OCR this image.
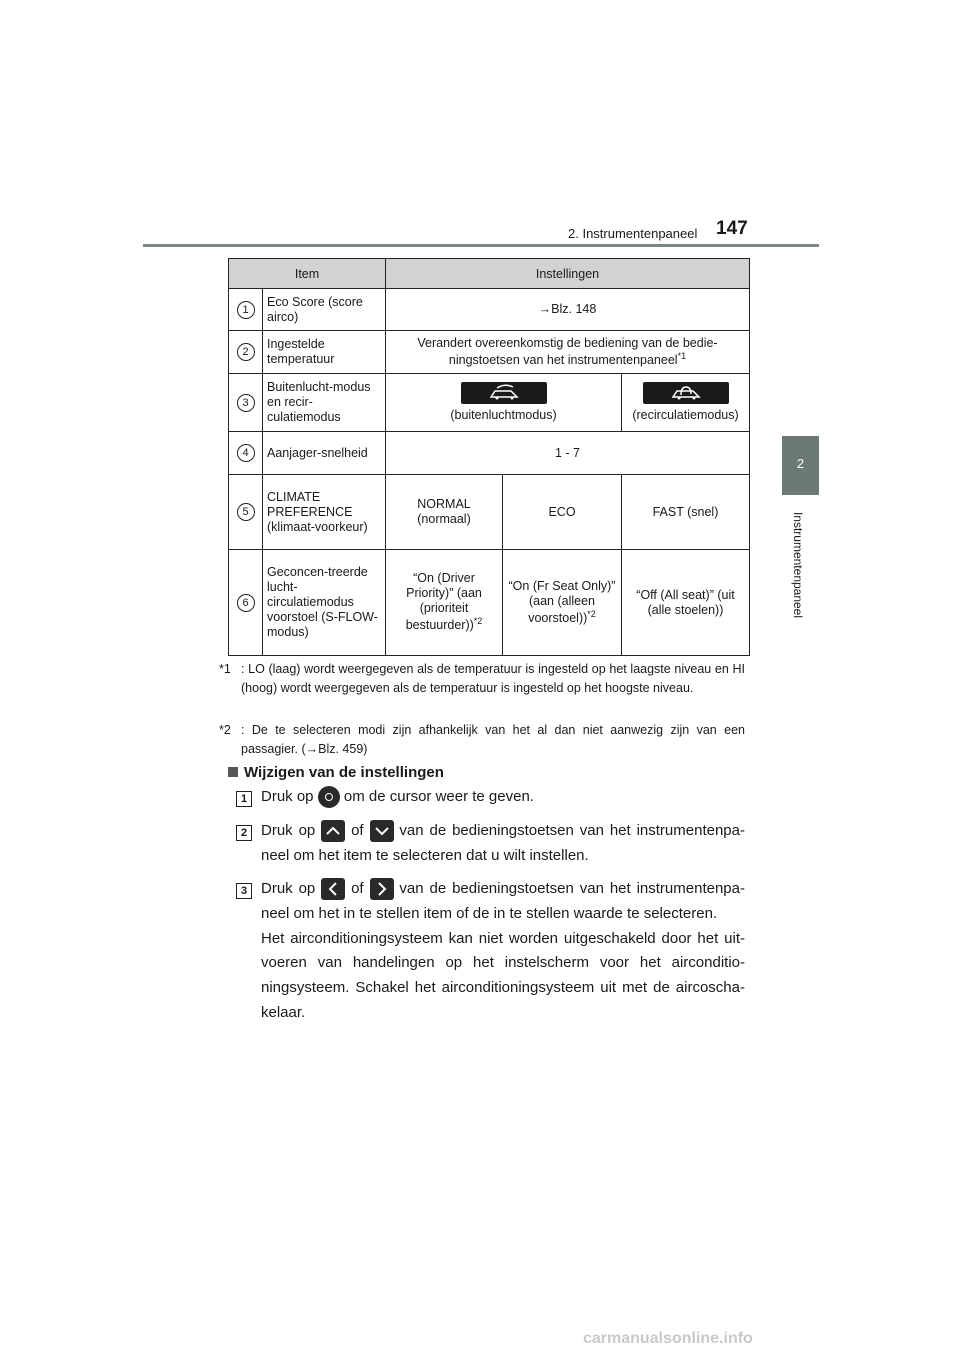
2. Instrumentenpaneel 147
2
Instrumentenpaneel
Item		Instellingen		
1	Eco Score (score airco)	→Blz. 148		
2	Ingestelde temperatuur	Verandert overeenkomstig de bediening van de bedie-ningstoetsen van het instrumentenpaneel$^{*1}$
3	Buitenlucht-modus en recir-culatiemodus	(buitenluchtmodus)		(recirculatiemodus)
4	Aanjager-snelheid	1 - 7		
5	CLIMATE PREFERENCE (klimaat-voorkeur)	NORMAL (normaal)	ECO	FAST (snel)
6	Geconcen-treerde lucht-circulatiemodus voorstoel (S-FLOW-modus)	“On (Driver Priority)” (aan (prioriteit bestuurder))$^{*2}$	“On (Fr Seat Only)” (aan (alleen voorstoel))$^{*2}$	“Off (All seat)” (uit (alle stoelen))
*1 : LO (laag) wordt weergegeven als de temperatuur is ingesteld op het laagste niveau en HI (hoog) wordt weergegeven als de temperatuur is ingesteld op het hoogste niveau.
*2 : De te selecteren modi zijn afhankelijk van het al dan niet aanwezig zijn van een passagier. (→Blz. 459)
Wijzigen van de instellingen
1 Druk op om de cursor weer te geven.
2 Druk op of van de bedieningstoetsen van het instrumentenpa-neel om het item te selecteren dat u wilt instellen.
3 Druk op of van de bedieningstoetsen van het instrumentenpa-neel om het in te stellen item of de in te stellen waarde te selecteren.
Het airconditioningsysteem kan niet worden uitgeschakeld door het uit-voeren van handelingen op het instelscherm voor het airconditio-ningsysteem. Schakel het airconditioningsysteem uit met de aircoscha-kelaar.
carmanualsonline.info
